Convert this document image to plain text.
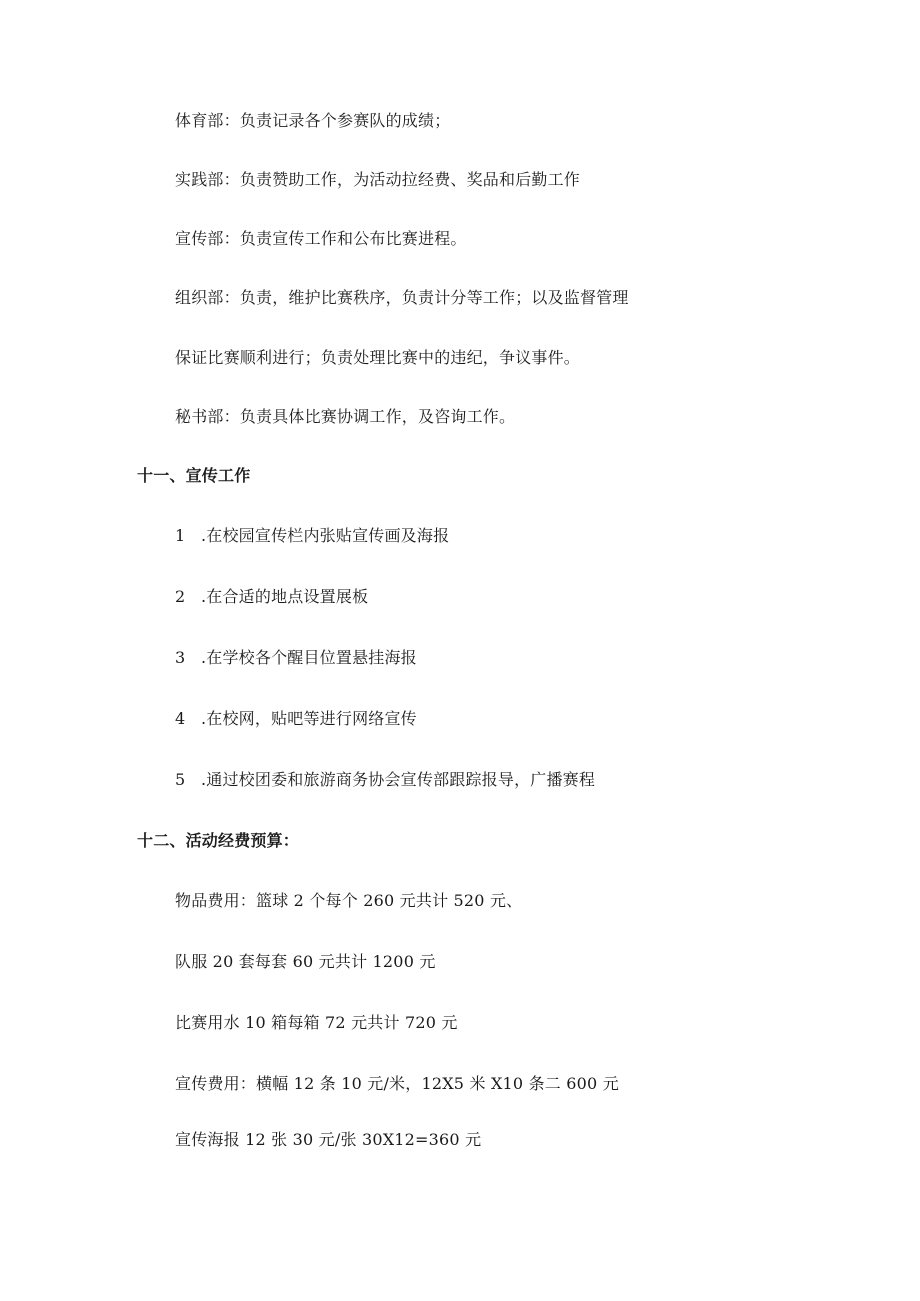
体育部：负责记录各个参赛队的成绩；
实践部：负责赞助工作，为活动拉经费、奖品和后勤工作
宣传部：负责宣传工作和公布比赛进程。
组织部：负责，维护比赛秩序，负责计分等工作；以及监督管理
保证比赛顺利进行；负责处理比赛中的违纪，争议事件。
秘书部：负责具体比赛协调工作，及咨询工作。
十一、宣传工作
1 .在校园宣传栏内张贴宣传画及海报
2 .在合适的地点设置展板
3 .在学校各个醒目位置悬挂海报
4 .在校网，贴吧等进行网络宣传
5 .通过校团委和旅游商务协会宣传部跟踪报导，广播赛程
十二、活动经费预算：
物品费用：篮球 2 个每个 260 元共计 520 元、
队服 20 套每套 60 元共计 1200 元
比赛用水 10 箱每箱 72 元共计 720 元
宣传费用：横幅 12 条 10 元/米，12X5 米 X10 条二 600 元
宣传海报 12 张 30 元/张 30X12=360 元
